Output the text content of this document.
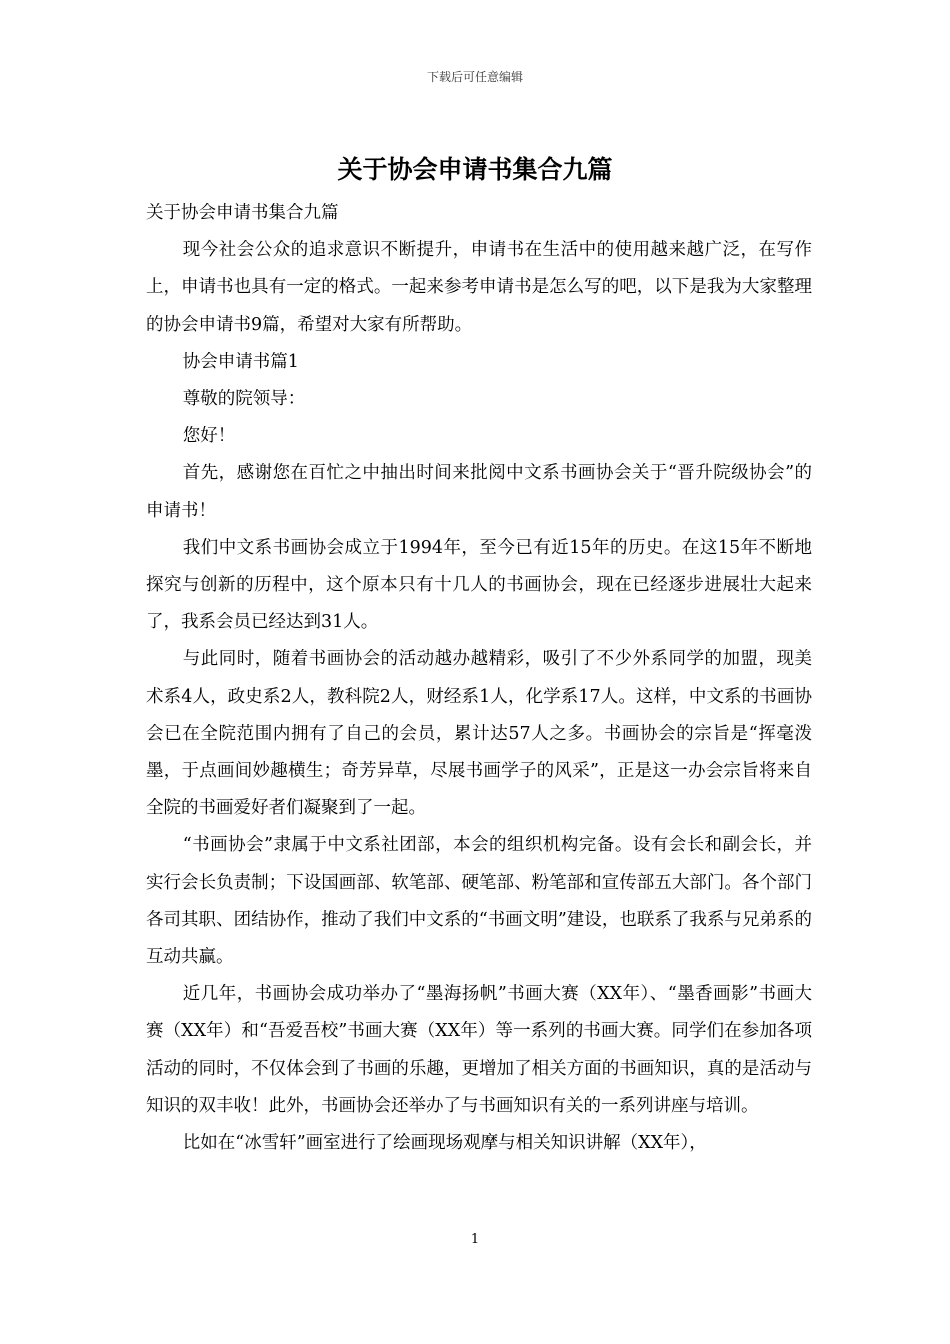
下载后可任意编辑
关于协会申请书集合九篇

关于协会申请书集合九篇

现今社会公众的追求意识不断提升，申请书在生活中的使用越来越广泛，在写作上，申请书也具有一定的格式。一起来参考申请书是怎么写的吧，以下是我为大家整理的协会申请书9篇，希望对大家有所帮助。

协会申请书篇1

尊敬的院领导：

您好！

首先，感谢您在百忙之中抽出时间来批阅中文系书画协会关于“晋升院级协会”的申请书！

我们中文系书画协会成立于1994年，至今已有近15年的历史。在这15年不断地探究与创新的历程中，这个原本只有十几人的书画协会，现在已经逐步进展壮大起来了，我系会员已经达到31人。

与此同时，随着书画协会的活动越办越精彩，吸引了不少外系同学的加盟，现美术系4人，政史系2人，教科院2人，财经系1人，化学系17人。这样，中文系的书画协会已在全院范围内拥有了自己的会员，累计达57人之多。书画协会的宗旨是“挥毫泼墨，于点画间妙趣横生；奇芳异草，尽展书画学子的风采”，正是这一办会宗旨将来自全院的书画爱好者们凝聚到了一起。

“书画协会”隶属于中文系社团部，本会的组织机构完备。设有会长和副会长，并实行会长负责制；下设国画部、软笔部、硬笔部、粉笔部和宣传部五大部门。各个部门各司其职、团结协作，推动了我们中文系的“书画文明”建设，也联系了我系与兄弟系的互动共赢。

近几年，书画协会成功举办了“墨海扬帆”书画大赛（XX年）、“墨香画影”书画大赛（XX年）和“吾爱吾校”书画大赛（XX年）等一系列的书画大赛。同学们在参加各项活动的同时，不仅体会到了书画的乐趣，更增加了相关方面的书画知识，真的是活动与知识的双丰收！此外，书画协会还举办了与书画知识有关的一系列讲座与培训。

比如在“冰雪轩”画室进行了绘画现场观摩与相关知识讲解（XX年），

1
